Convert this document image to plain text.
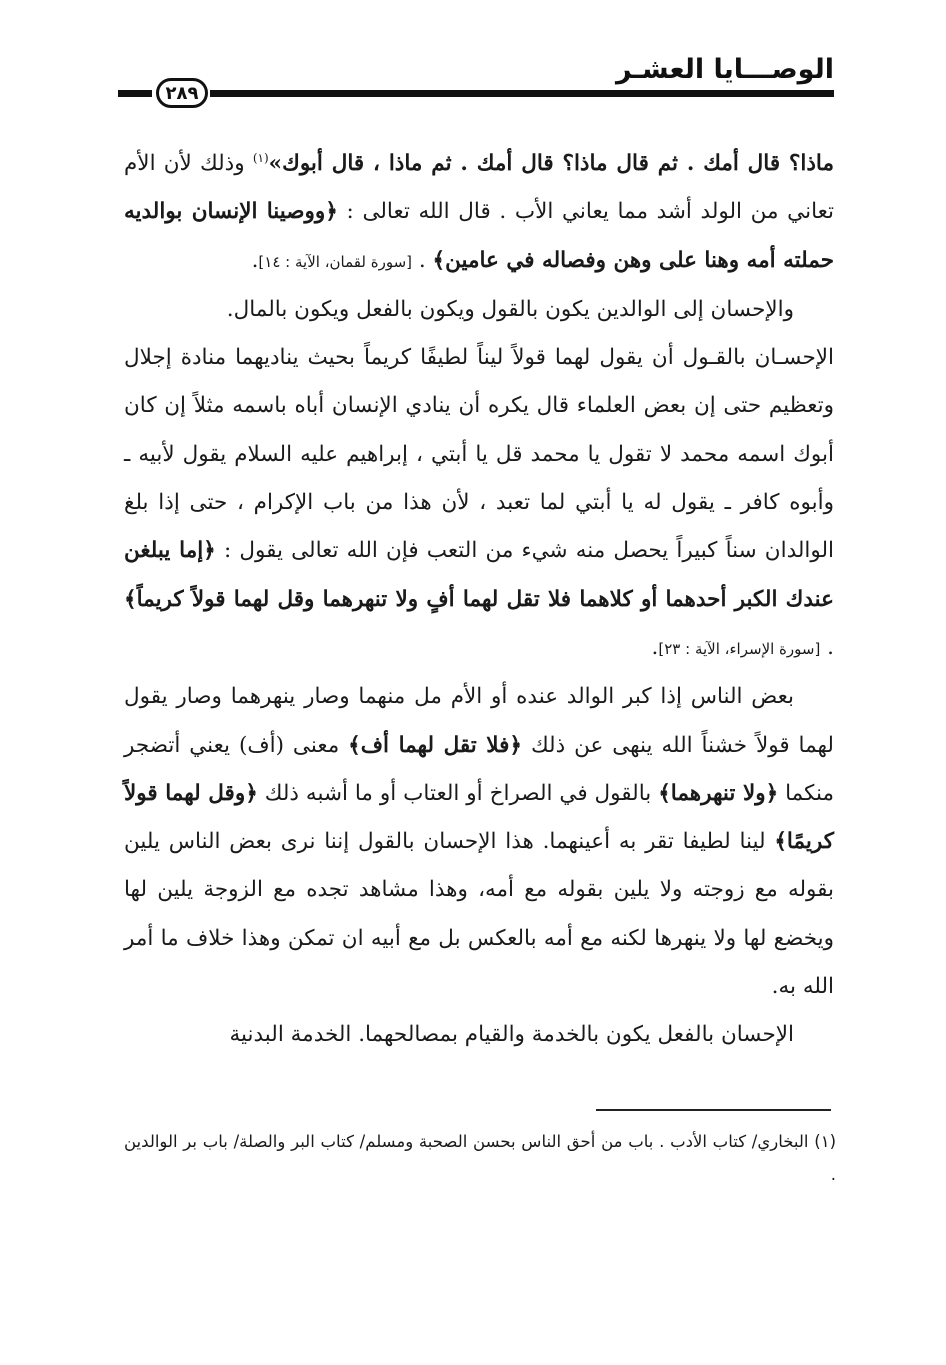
الوصـــايا العشـر
٢٨٩

ماذا؟ قال أمك . ثم قال ماذا؟ قال أمك . ثم ماذا ، قال أبوك»$^{(١)}$ وذلك لأن الأم تعاني من الولد أشد مما يعاني الأب . قال الله تعالى : ﴿ووصينا الإنسان بوالديه حملته أمه وهنا على وهن وفصاله في عامين﴾ . [سورة لقمان، الآية : ١٤].

والإحسان إلى الوالدين يكون بالقول ويكون بالفعل ويكون بالمال.

الإحسـان بالقـول أن يقول لهما قولاً ليناً لطيفًا كريماً بحيث يناديهما منادة إجلال وتعظيم حتى إن بعض العلماء قال يكره أن ينادي الإنسان أباه باسمه مثلاً إن كان أبوك اسمه محمد لا تقول يا محمد قل يا أبتي ، إبراهيم عليه السلام يقول لأبيه ـ وأبوه كافر ـ يقول له يا أبتي لما تعبد ، لأن هذا من باب الإكرام ، حتى إذا بلغ الوالدان سناً كبيراً يحصل منه شيء من التعب فإن الله تعالى يقول : ﴿إما يبلغن عندك الكبر أحدهما أو كلاهما فلا تقل لهما أفٍ ولا تنهرهما وقل لهما قولاً كريماً﴾ . [سورة الإسراء، الآية : ٢٣].

بعض الناس إذا كبر الوالد عنده أو الأم مل منهما وصار ينهرهما وصار يقول لهما قولاً خشناً الله ينهى عن ذلك ﴿فلا تقل لهما أف﴾ معنى (أف) يعني أتضجر منكما ﴿ولا تنهرهما﴾ بالقول في الصراخ أو العتاب أو ما أشبه ذلك ﴿وقل لهما قولاً كريمًا﴾ لينا لطيفا تقر به أعينهما. هذا الإحسان بالقول إننا نرى بعض الناس يلين بقوله مع زوجته ولا يلين بقوله مع أمه، وهذا مشاهد تجده مع الزوجة يلين لها ويخضع لها ولا ينهرها لكنه مع أمه بالعكس بل مع أبيه ان تمكن وهذا خلاف ما أمر الله به.

الإحسان بالفعل يكون بالخدمة والقيام بمصالحهما. الخدمة البدنية

(١) البخاري/ كتاب الأدب . باب من أحق الناس بحسن الصحبة ومسلم/ كتاب البر والصلة/ باب بر الوالدين .
